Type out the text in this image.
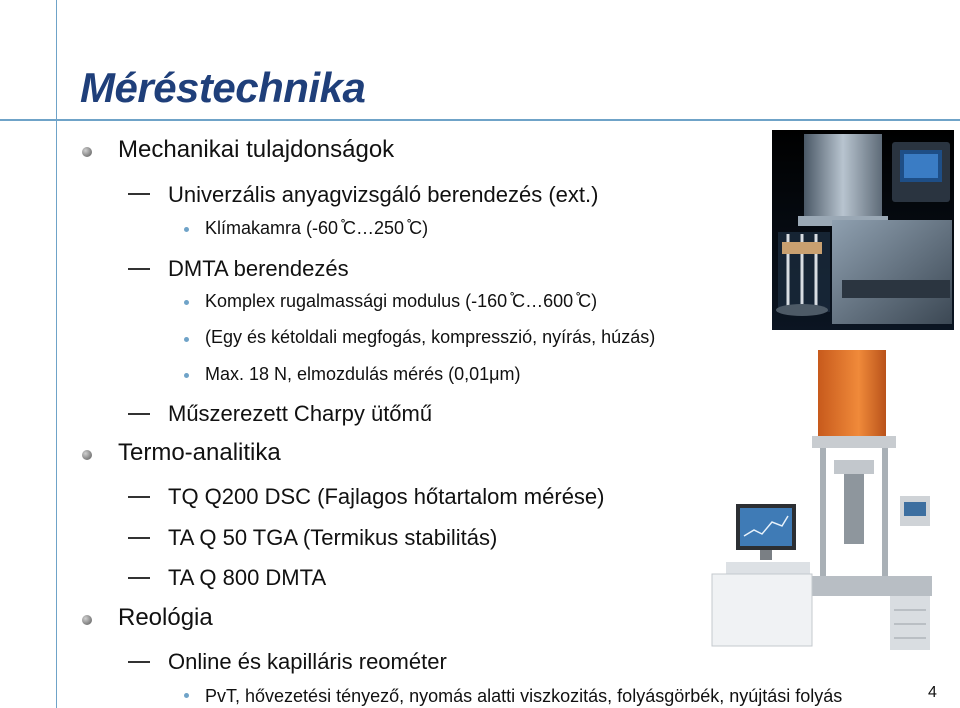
Méréstechnika
Mechanikai tulajdonságok
Univerzális anyagvizsgáló berendezés (ext.)
Klímakamra (-60 ̊C…250 ̊C)
DMTA berendezés
Komplex rugalmassági modulus (-160 ̊C…600 ̊C)
(Egy és kétoldali megfogás, kompresszió, nyírás, húzás)
Max. 18 N, elmozdulás mérés (0,01μm)
Műszerezett Charpy ütőmű
Termo-analitika
TQ Q200 DSC (Fajlagos hőtartalom mérése)
TA Q 50 TGA (Termikus stabilitás)
TA Q 800 DMTA
Reológia
Online és kapilláris reométer
PvT, hővezetési tényező, nyomás alatti viszkozitás, folyásgörbék, nyújtási folyás	4
